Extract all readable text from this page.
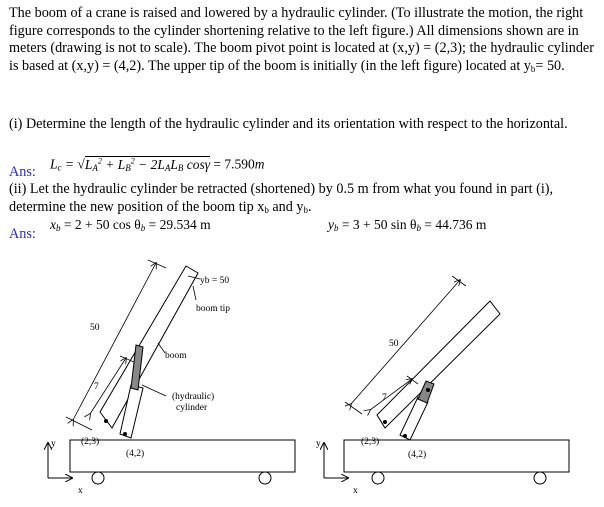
The boom of a crane is raised and lowered by a hydraulic cylinder. (To illustrate the motion, the right figure corresponds to the cylinder shortening relative to the left figure.) All dimensions shown are in meters (drawing is not to scale). The boom pivot point is located at (x,y) = (2,3); the hydraulic cylinder is based at (x,y) = (4,2). The upper tip of the boom is initially (in the left figure) located at $y_b= 50$.
(i) Determine the length of the hydraulic cylinder and its orientation with respect to the horizontal.
Ans: $L_c = √L_A^2 + L_B^2 - 2L_AL_B$ cosγ = 7.590m
(ii) Let the hydraulic cylinder be retracted (shortened) by 0.5 m from what you found in part (i),
determine the new position of the boom tip $x_b$ and $y_b$.
Ans:
$x_b = 2 + 50$ $\cos \theta_b = 29.534$ m	$y_b = 3 + 50$ $\sin \theta_b = 44.736$ m
yb = 50
boom tip
boom
(hydraulic)
cylinder
50
7
(2,3)
(4,2)
y
x
50
7
(2,3)
(4,2)
y
x
